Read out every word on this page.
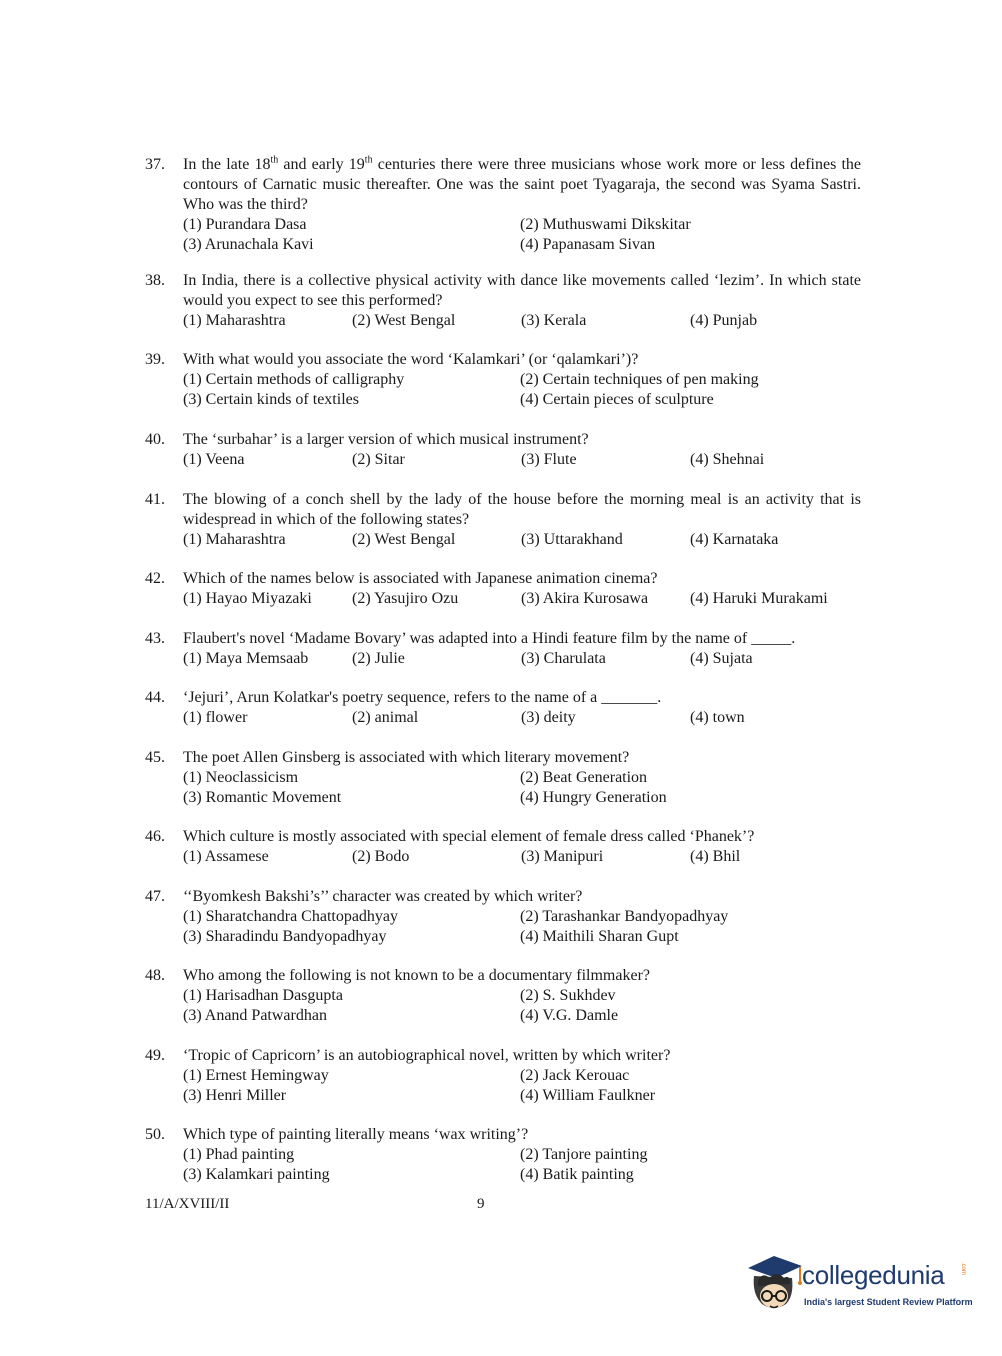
37.	In the late 18th and early 19th centuries there were three musicians whose work more or less defines the contours of Carnatic music thereafter. One was the saint poet Tyagaraja, the second was Syama Sastri. Who was the third?
(1) Purandara Dasa	(2) Muthuswami Dikskitar
(3) Arunachala Kavi	(4) Papanasam Sivan
38.	In India, there is a collective physical activity with dance like movements called ‘lezim’. In which state would you expect to see this performed?
(1) Maharashtra	(2) West Bengal	(3) Kerala	(4) Punjab
39.	With what would you associate the word ‘Kalamkari’ (or ‘qalamkari’)?
(1) Certain methods of calligraphy	(2) Certain techniques of pen making
(3) Certain kinds of textiles	(4) Certain pieces of sculpture
40.	The ‘surbahar’ is a larger version of which musical instrument?
(1) Veena	(2) Sitar	(3) Flute	(4) Shehnai
41.	The blowing of a conch shell by the lady of the house before the morning meal is an activity that is widespread in which of the following states?
(1) Maharashtra	(2) West Bengal	(3) Uttarakhand	(4) Karnataka
42.	Which of the names below is associated with Japanese animation cinema?
(1) Hayao Miyazaki	(2) Yasujiro Ozu	(3) Akira Kurosawa	(4) Haruki Murakami
43.	Flaubert's novel ‘Madame Bovary’ was adapted into a Hindi feature film by the name of _____.
(1) Maya Memsaab	(2) Julie	(3) Charulata	(4) Sujata
44.	‘Jejuri’, Arun Kolatkar's poetry sequence, refers to the name of a _______.
(1) flower	(2) animal	(3) deity	(4) town
45.	The poet Allen Ginsberg is associated with which literary movement?
(1) Neoclassicism	(2) Beat Generation
(3) Romantic Movement	(4) Hungry Generation
46.	Which culture is mostly associated with special element of female dress called ‘Phanek’?
(1) Assamese	(2) Bodo	(3) Manipuri	(4) Bhil
47.	‘‘Byomkesh Bakshi’s’’ character was created by which writer?
(1) Sharatchandra Chattopadhyay	(2) Tarashankar Bandyopadhyay
(3) Sharadindu Bandyopadhyay	(4) Maithili Sharan Gupt
48.	Who among the following is not known to be a documentary filmmaker?
(1) Harisadhan Dasgupta	(2) S. Sukhdev
(3) Anand Patwardhan	(4) V.G. Damle
49.	‘Tropic of Capricorn’ is an autobiographical novel, written by which writer?
(1) Ernest Hemingway	(2) Jack Kerouac
(3) Henri Miller	(4) William Faulkner
50.	Which type of painting literally means ‘wax writing’?
(1) Phad painting	(2) Tanjore painting
(3) Kalamkari painting	(4) Batik painting
11/A/XVIII/II	9
collegedunia	.com
India's largest Student Review Platform
